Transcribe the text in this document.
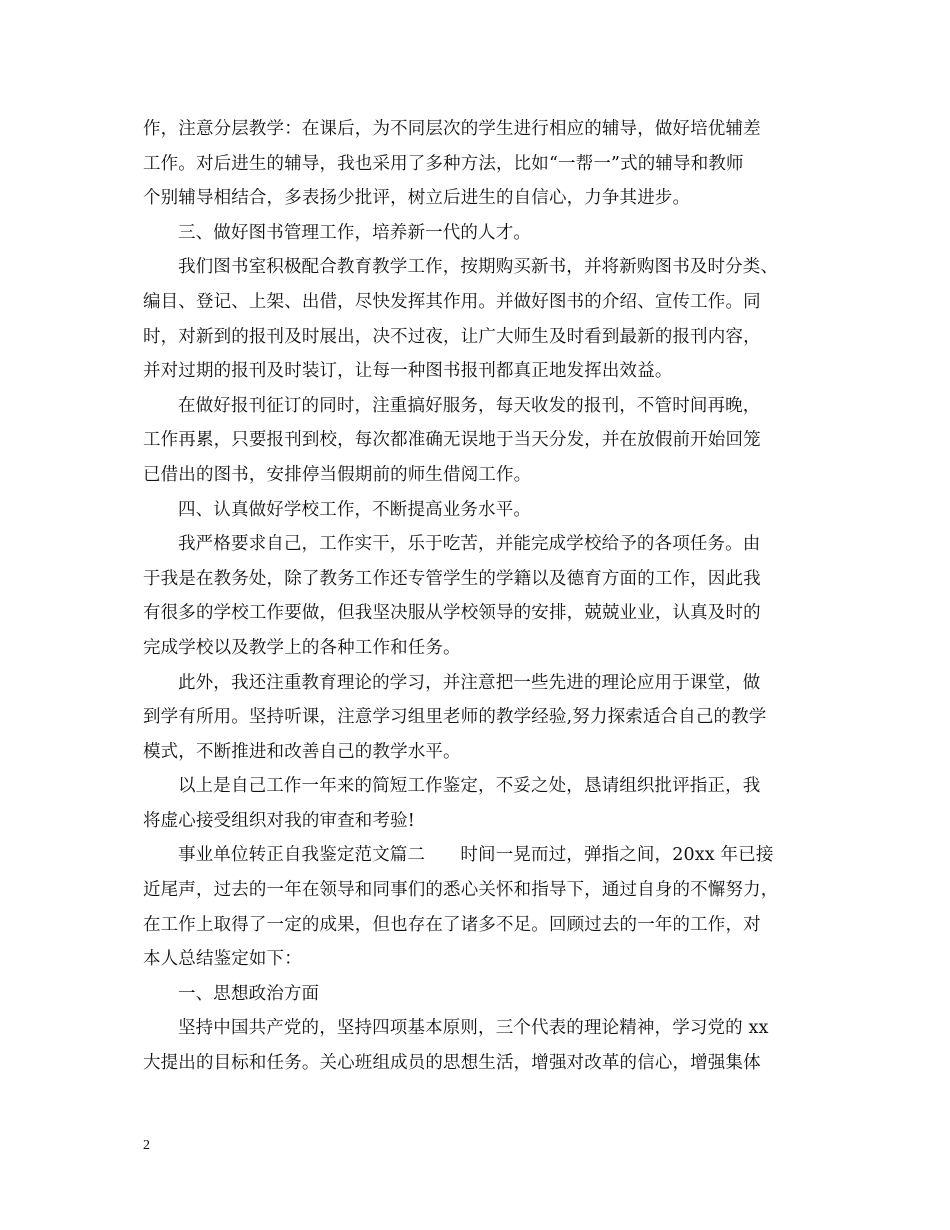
作，注意分层教学：在课后，为不同层次的学生进行相应的辅导，做好培优辅差
工作。对后进生的辅导，我也采用了多种方法，比如“一帮一”式的辅导和教师
个别辅导相结合，多表扬少批评，树立后进生的自信心，力争其进步。
三、做好图书管理工作，培养新一代的人才。
我们图书室积极配合教育教学工作，按期购买新书，并将新购图书及时分类、
编目、登记、上架、出借，尽快发挥其作用。并做好图书的介绍、宣传工作。同
时，对新到的报刊及时展出，决不过夜，让广大师生及时看到最新的报刊内容，
并对过期的报刊及时装订，让每一种图书报刊都真正地发挥出效益。
在做好报刊征订的同时，注重搞好服务，每天收发的报刊，不管时间再晚，
工作再累，只要报刊到校，每次都准确无误地于当天分发，并在放假前开始回笼
已借出的图书，安排停当假期前的师生借阅工作。
四、认真做好学校工作，不断提高业务水平。
我严格要求自己，工作实干，乐于吃苦，并能完成学校给予的各项任务。由
于我是在教务处，除了教务工作还专管学生的学籍以及德育方面的工作，因此我
有很多的学校工作要做，但我坚决服从学校领导的安排，兢兢业业，认真及时的
完成学校以及教学上的各种工作和任务。
此外，我还注重教育理论的学习，并注意把一些先进的理论应用于课堂，做
到学有所用。坚持听课，注意学习组里老师的教学经验,努力探索适合自己的教学
模式，不断推进和改善自己的教学水平。
以上是自己工作一年来的简短工作鉴定，不妥之处，恳请组织批评指正，我
将虚心接受组织对我的审查和考验!
事业单位转正自我鉴定范文篇二　　时间一晃而过，弹指之间，20xx 年已接
近尾声，过去的一年在领导和同事们的悉心关怀和指导下，通过自身的不懈努力，
在工作上取得了一定的成果，但也存在了诸多不足。回顾过去的一年的工作，对
本人总结鉴定如下：
一、思想政治方面
坚持中国共产党的，坚持四项基本原则，三个代表的理论精神，学习党的 xx
大提出的目标和任务。关心班组成员的思想生活，增强对改革的信心，增强集体
2
